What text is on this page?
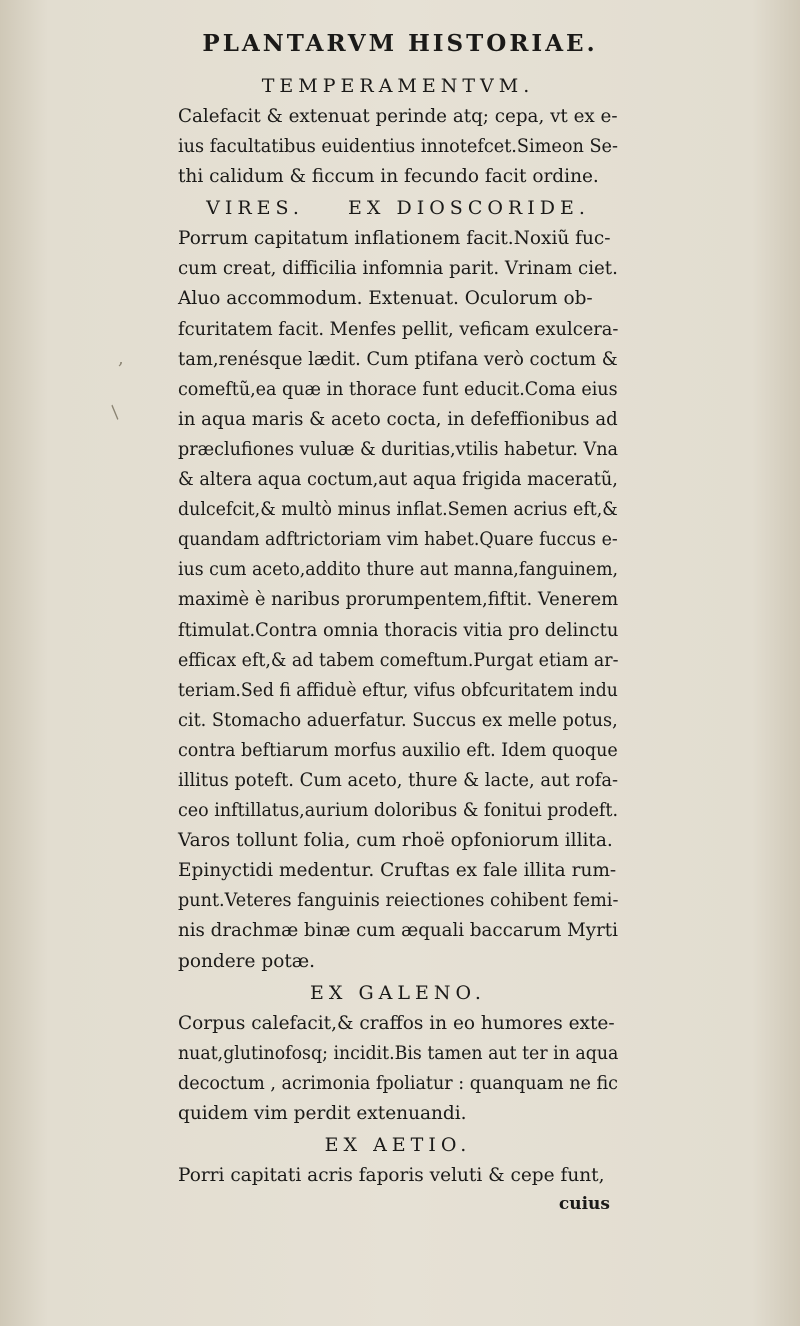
PLANTARVM HISTORIAE.
TEMPERAMENTVM.
Calefacit & extenuat perinde atq; cepa, vt ex e-
ius facultatibus euidentius innotefcet.Simeon Se-
thi calidum & ficcum in fecundo facit ordine.
VIRES.    EX DIOSCORIDE.
Porrum capitatum inflationem facit.Noxiũ fuc-
cum creat, difficilia infomnia parit. Vrinam ciet.
Aluo accommodum. Extenuat. Oculorum ob-
fcuritatem facit. Menfes pellit, veficam exulcera-
tam,renésque lædit. Cum ptifana verò coctum &
comeftũ,ea quæ in thorace funt educit.Coma eius
in aqua maris & aceto cocta, in defeffionibus ad
præclufiones vuluæ & duritias,vtilis habetur. Vna
& altera aqua coctum,aut aqua frigida maceratũ,
dulcefcit,& multò minus inflat.Semen acrius eft,&
quandam adftrictoriam vim habet.Quare fuccus e-
ius cum aceto,addito thure aut manna,fanguinem,
maximè è naribus prorumpentem,fiftit. Venerem
ftimulat.Contra omnia thoracis vitia pro delinctu
efficax eft,& ad tabem comeftum.Purgat etiam ar-
teriam.Sed fi affiduè eftur, vifus obfcuritatem indu
cit. Stomacho aduerfatur. Succus ex melle potus,
contra beftiarum morfus auxilio eft. Idem quoque
illitus poteft. Cum aceto, thure & lacte, aut rofa-
ceo inftillatus,aurium doloribus & fonitui prodeft.
Varos tollunt folia, cum rhoë opfoniorum illita.
Epinyctidi medentur. Cruftas ex fale illita rum-
punt.Veteres fanguinis reiectiones cohibent femi-
nis drachmæ binæ cum æquali baccarum Myrti
pondere potæ.
EX GALENO.
Corpus calefacit,& craffos in eo humores exte-
nuat,glutinofosq; incidit.Bis tamen aut ter in aqua
decoctum , acrimonia fpoliatur : quanquam ne fic
quidem vim perdit extenuandi.
EX AETIO.
Porri capitati acris faporis veluti & cepe funt,
cuius
/
,
